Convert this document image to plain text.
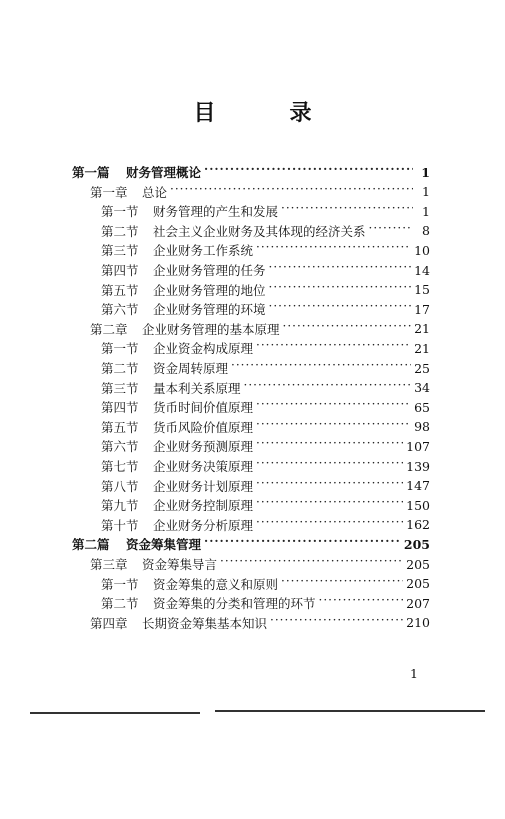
目　录
第一篇	财务管理概论 ·····	1
第一章	总论 ·····	1
第一节	财务管理的产生和发展 ·····	1
第二节	社会主义企业财务及其体现的经济关系 ·····	8
第三节	企业财务工作系统 ·····	10
第四节	企业财务管理的任务 ·····	14
第五节	企业财务管理的地位 ·····	15
第六节	企业财务管理的环境 ·····	17
第二章	企业财务管理的基本原理 ·····	21
第一节	企业资金构成原理 ·····	21
第二节	资金周转原理 ·····	25
第三节	量本利关系原理 ·····	34
第四节	货币时间价值原理 ·····	65
第五节	货币风险价值原理 ·····	98
第六节	企业财务预测原理 ·····	107
第七节	企业财务决策原理 ·····	139
第八节	企业财务计划原理 ·····	147
第九节	企业财务控制原理 ·····	150
第十节	企业财务分析原理 ·····	162
第二篇	资金筹集管理 ·····	205
第三章	资金筹集导言 ·····	205
第一节	资金筹集的意义和原则 ·····	205
第二节	资金筹集的分类和管理的环节 ·····	207
第四章	长期资金筹集基本知识 ·····	210
1
